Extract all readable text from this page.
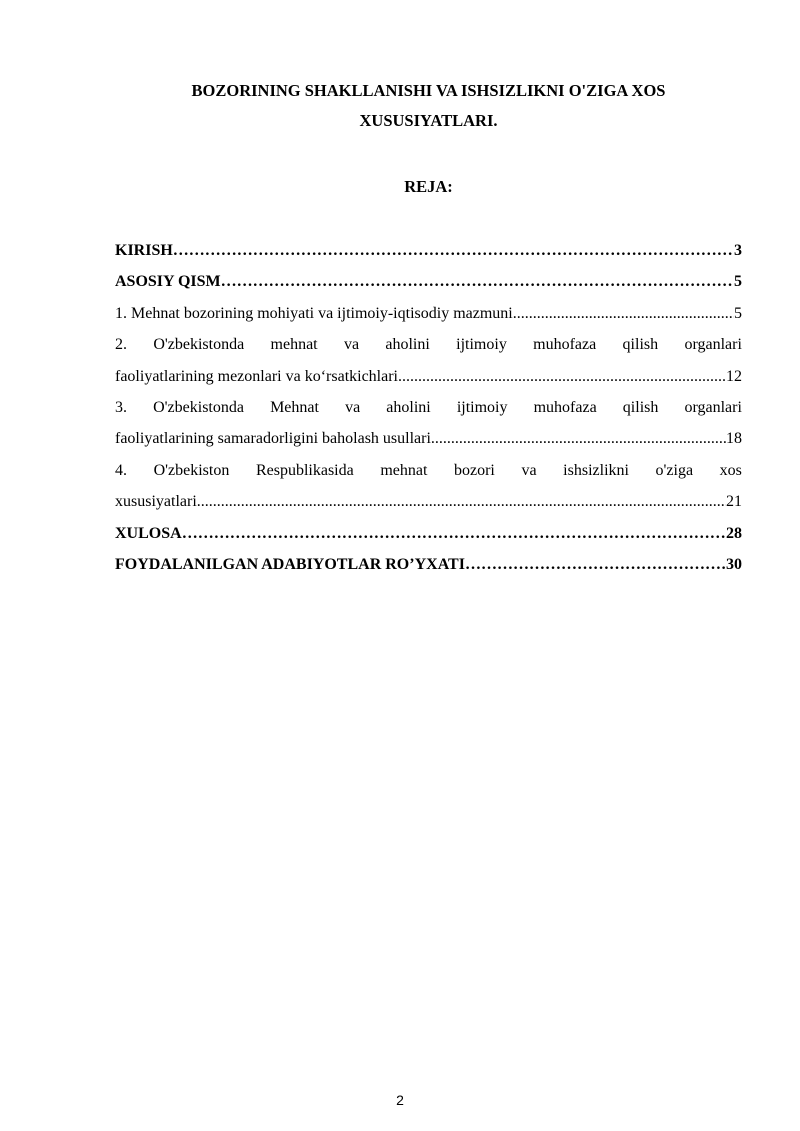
BOZORINING SHAKLLANISHI VA ISHSIZLIKNI O'ZIGA XOS
XUSUSIYATLARI.
REJA:
KIRISH …………………………………………………………………………………………………………………………………………………………………	3
ASOSIY QISM …………………………………………………………………………………………………………………………………………………………………	5
1. Mehnat bozorining mohiyati va ijtimoiy-iqtisodiy mazmuni .....	5
2. O'zbekistonda mehnat va aholini ijtimoiy muhofaza qilish organlari
faoliyatlarining mezonlari va ko‘rsatkichlari .....	12
3. O'zbekistonda Mehnat va aholini ijtimoiy muhofaza qilish organlari
faoliyatlarining samaradorligini baholash usullari .....	18
4. O'zbekiston Respublikasida mehnat bozori va ishsizlikni o'ziga xos
xususiyatlari .....	21
XULOSA …………………………………………………………………………………………………………………………………………………………………	28
FOYDALANILGAN ADABIYOTLAR RO’YXATI …………………………………………………………………………………………………………………………………………………………………	30
2
